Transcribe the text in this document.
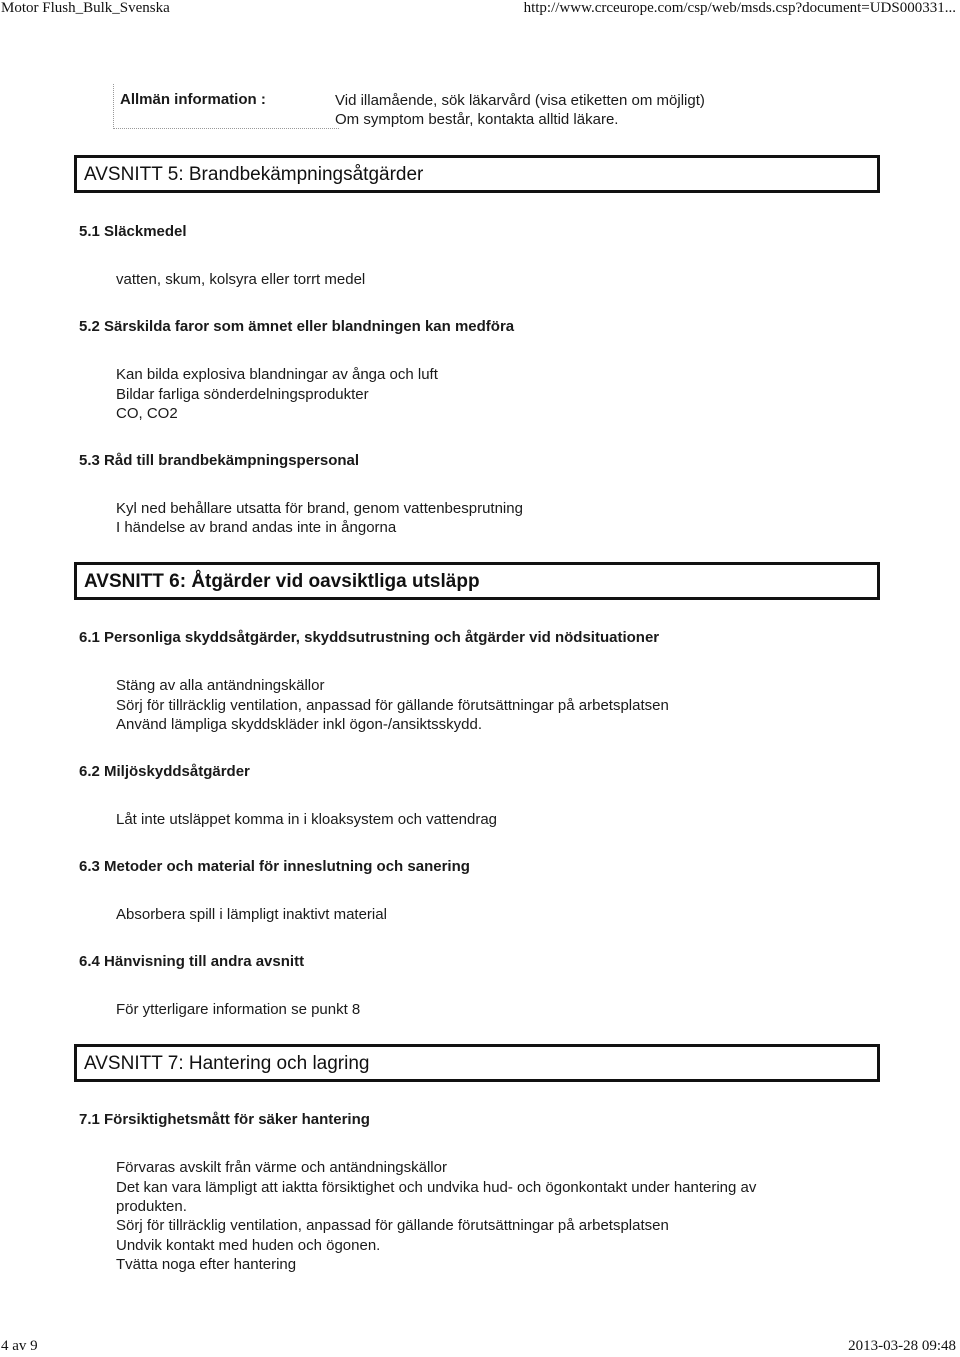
Motor Flush_Bulk_Svenska	http://www.crceurope.com/csp/web/msds.csp?document=UDS000331...
Allmän information :	Vid illamående, sök läkarvård (visa etiketten om möjligt)
Om symptom består, kontakta alltid läkare.
AVSNITT 5: Brandbekämpningsåtgärder
5.1 Släckmedel
vatten, skum, kolsyra eller torrt medel
5.2 Särskilda faror som ämnet eller blandningen kan medföra
Kan bilda explosiva blandningar av ånga och luft
Bildar farliga sönderdelningsprodukter
CO, CO2
5.3 Råd till brandbekämpningspersonal
Kyl ned behållare utsatta för brand, genom vattenbesprutning
I händelse av brand andas inte in ångorna
AVSNITT 6: Åtgärder vid oavsiktliga utsläpp
6.1 Personliga skyddsåtgärder, skyddsutrustning och åtgärder vid nödsituationer
Stäng av alla antändningskällor
Sörj för tillräcklig ventilation, anpassad för gällande förutsättningar på arbetsplatsen
Använd lämpliga skyddskläder inkl ögon-/ansiktsskydd.
6.2 Miljöskyddsåtgärder
Låt inte utsläppet komma in i kloaksystem och vattendrag
6.3 Metoder och material för inneslutning och sanering
Absorbera spill i lämpligt inaktivt material
6.4 Hänvisning till andra avsnitt
För ytterligare information se punkt 8
AVSNITT 7: Hantering och lagring
7.1 Försiktighetsmått för säker hantering
Förvaras avskilt från värme och antändningskällor
Det kan vara lämpligt att iaktta försiktighet och undvika hud- och ögonkontakt under hantering av
produkten.
Sörj för tillräcklig ventilation, anpassad för gällande förutsättningar på arbetsplatsen
Undvik kontakt med huden och ögonen.
Tvätta noga efter hantering
4 av 9	2013-03-28 09:48
